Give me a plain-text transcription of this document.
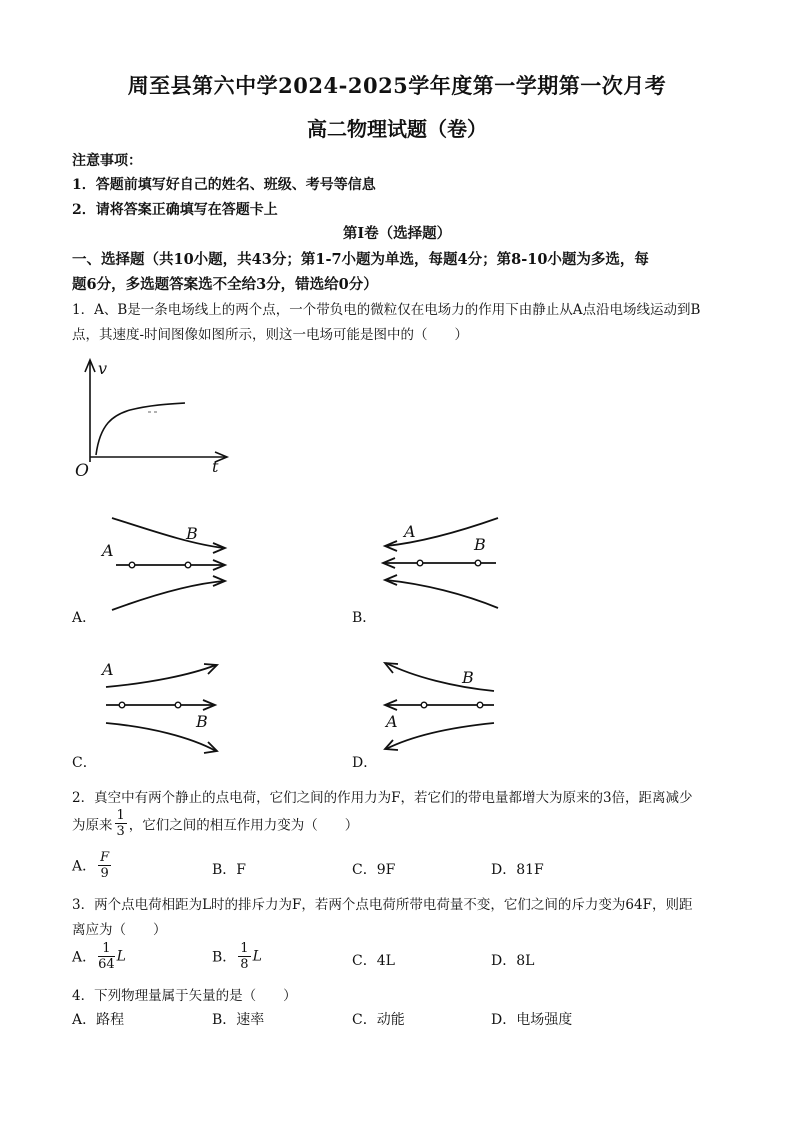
周至县第六中学2024-2025学年度第一学期第一次月考
高二物理试题（卷）
注意事项：
1．答题前填写好自己的姓名、班级、考号等信息
2．请将答案正确填写在答题卡上
第Ⅰ卷（选择题）
一、选择题（共10小题，共43分；第1-7小题为单选，每题4分；第8-10小题为多选，每
题6分，多选题答案选不全给3分，错选给0分）
1．A、B是一条电场线上的两个点，一个带负电的微粒仅在电场力的作用下由静止从A点沿电场线运动到B
点，其速度-时间图像如图所示，则这一电场可能是图中的（　　）
v
t
O
A
B
A．
A
B
B．
A
B
C．
A
B
D．
2．真空中有两个静止的点电荷，它们之间的作用力为F，若它们的带电量都增大为原来的3倍，距离减少
为原来 $\frac{1}{3}$ ，它们之间的相互作用力变为（　　）
A． $\frac{F}{9}$	B．F	C．9F	D．81F
3．两个点电荷相距为L时的排斥力为F，若两个点电荷所带电荷量不变，它们之间的斥力变为64F，则距
离应为（　　）
A． $\frac{1}{64}$ L	B． $\frac{1}{8}$ L	C．4L	D．8L
4．下列物理量属于矢量的是（　　）
A．路程	B．速率	C．动能	D．电场强度
